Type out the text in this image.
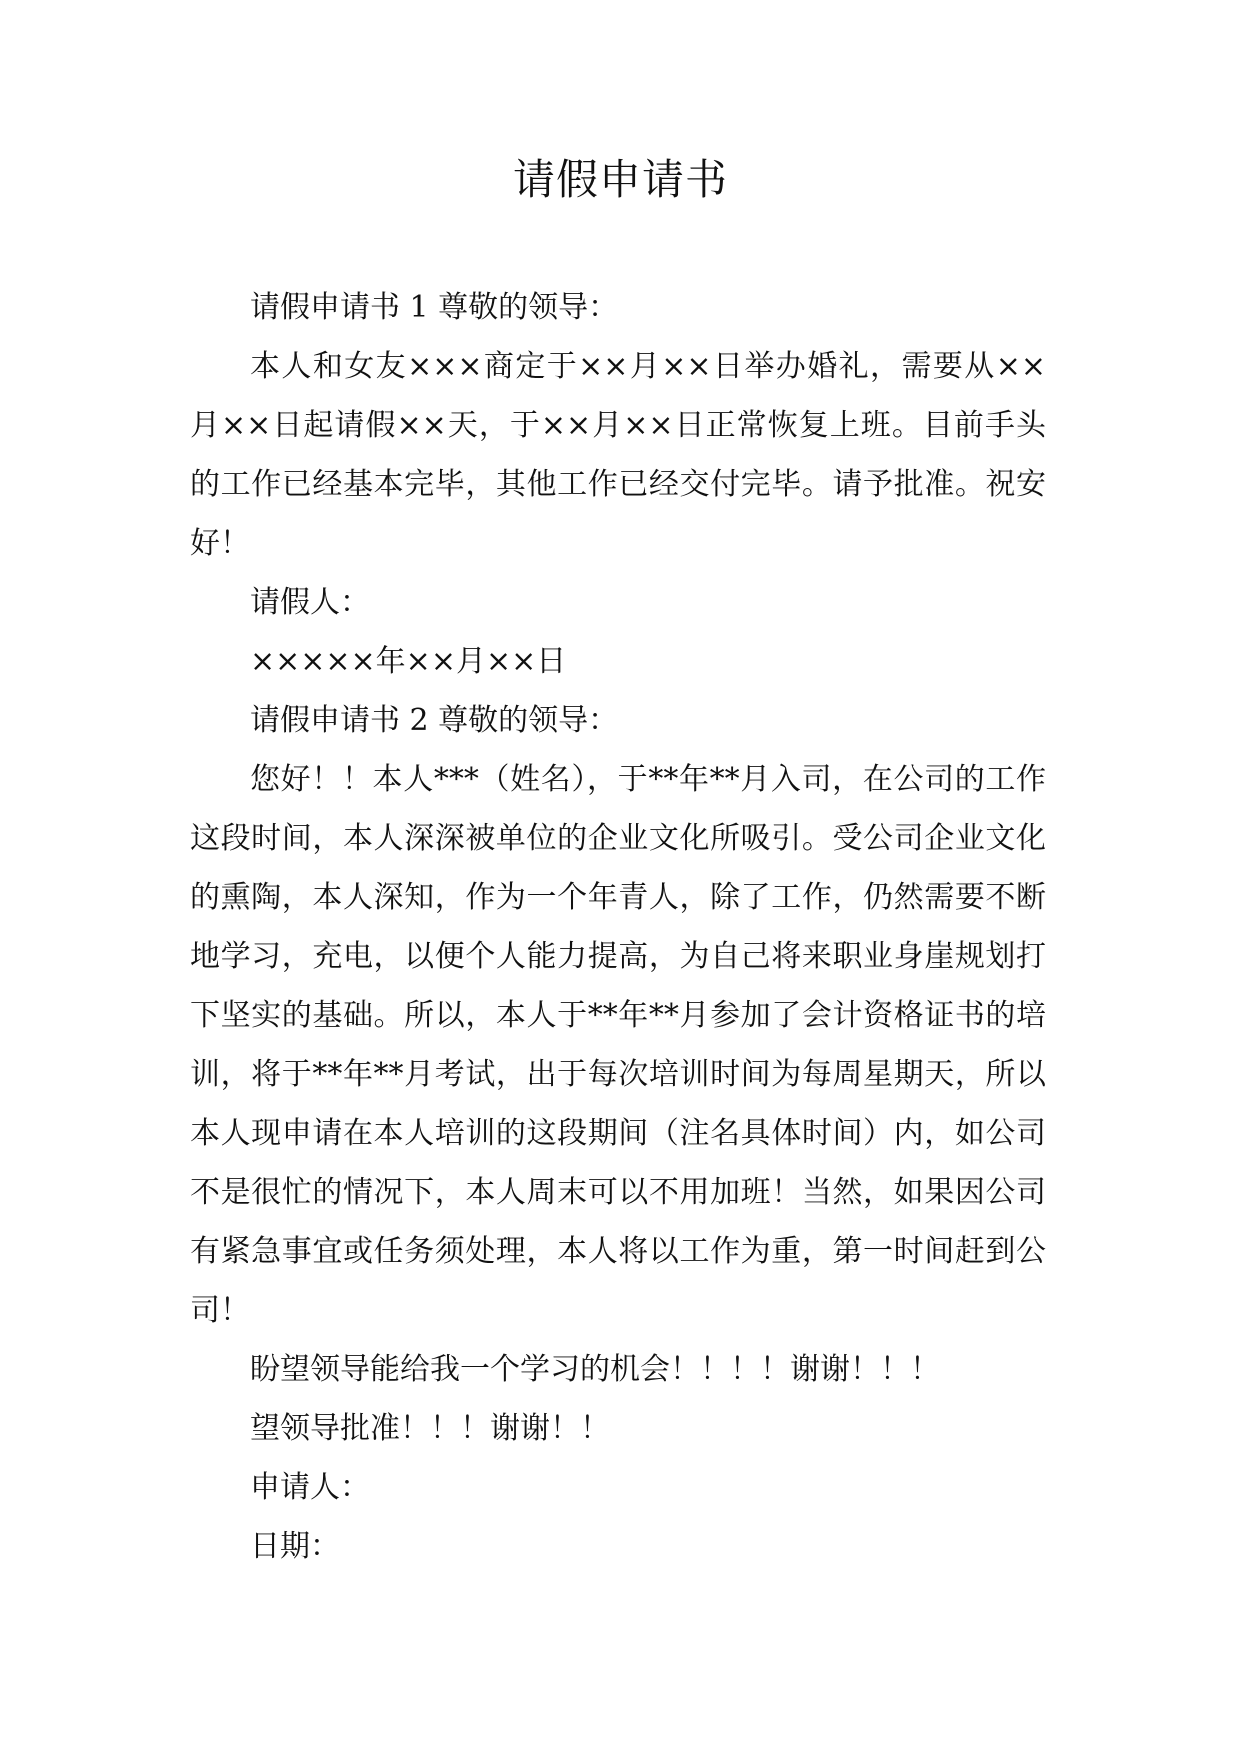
请假申请书

请假申请书 1 尊敬的领导：

本人和女友×××商定于××月××日举办婚礼，需要从××月××日起请假××天，于××月××日正常恢复上班。目前手头的工作已经基本完毕，其他工作已经交付完毕。请予批准。祝安好！

请假人：

×××××年××月××日

请假申请书 2 尊敬的领导：

您好！！本人***（姓名），于**年**月入司，在公司的工作这段时间，本人深深被单位的企业文化所吸引。受公司企业文化的熏陶，本人深知，作为一个年青人，除了工作，仍然需要不断地学习，充电，以便个人能力提高，为自己将来职业身崖规划打下坚实的基础。所以，本人于**年**月参加了会计资格证书的培训，将于**年**月考试，出于每次培训时间为每周星期天，所以本人现申请在本人培训的这段期间（注名具体时间）内，如公司不是很忙的情况下，本人周末可以不用加班！当然，如果因公司有紧急事宜或任务须处理，本人将以工作为重，第一时间赶到公司！

盼望领导能给我一个学习的机会！！！！谢谢！！！

望领导批准！！！谢谢！！

申请人：

日期：
